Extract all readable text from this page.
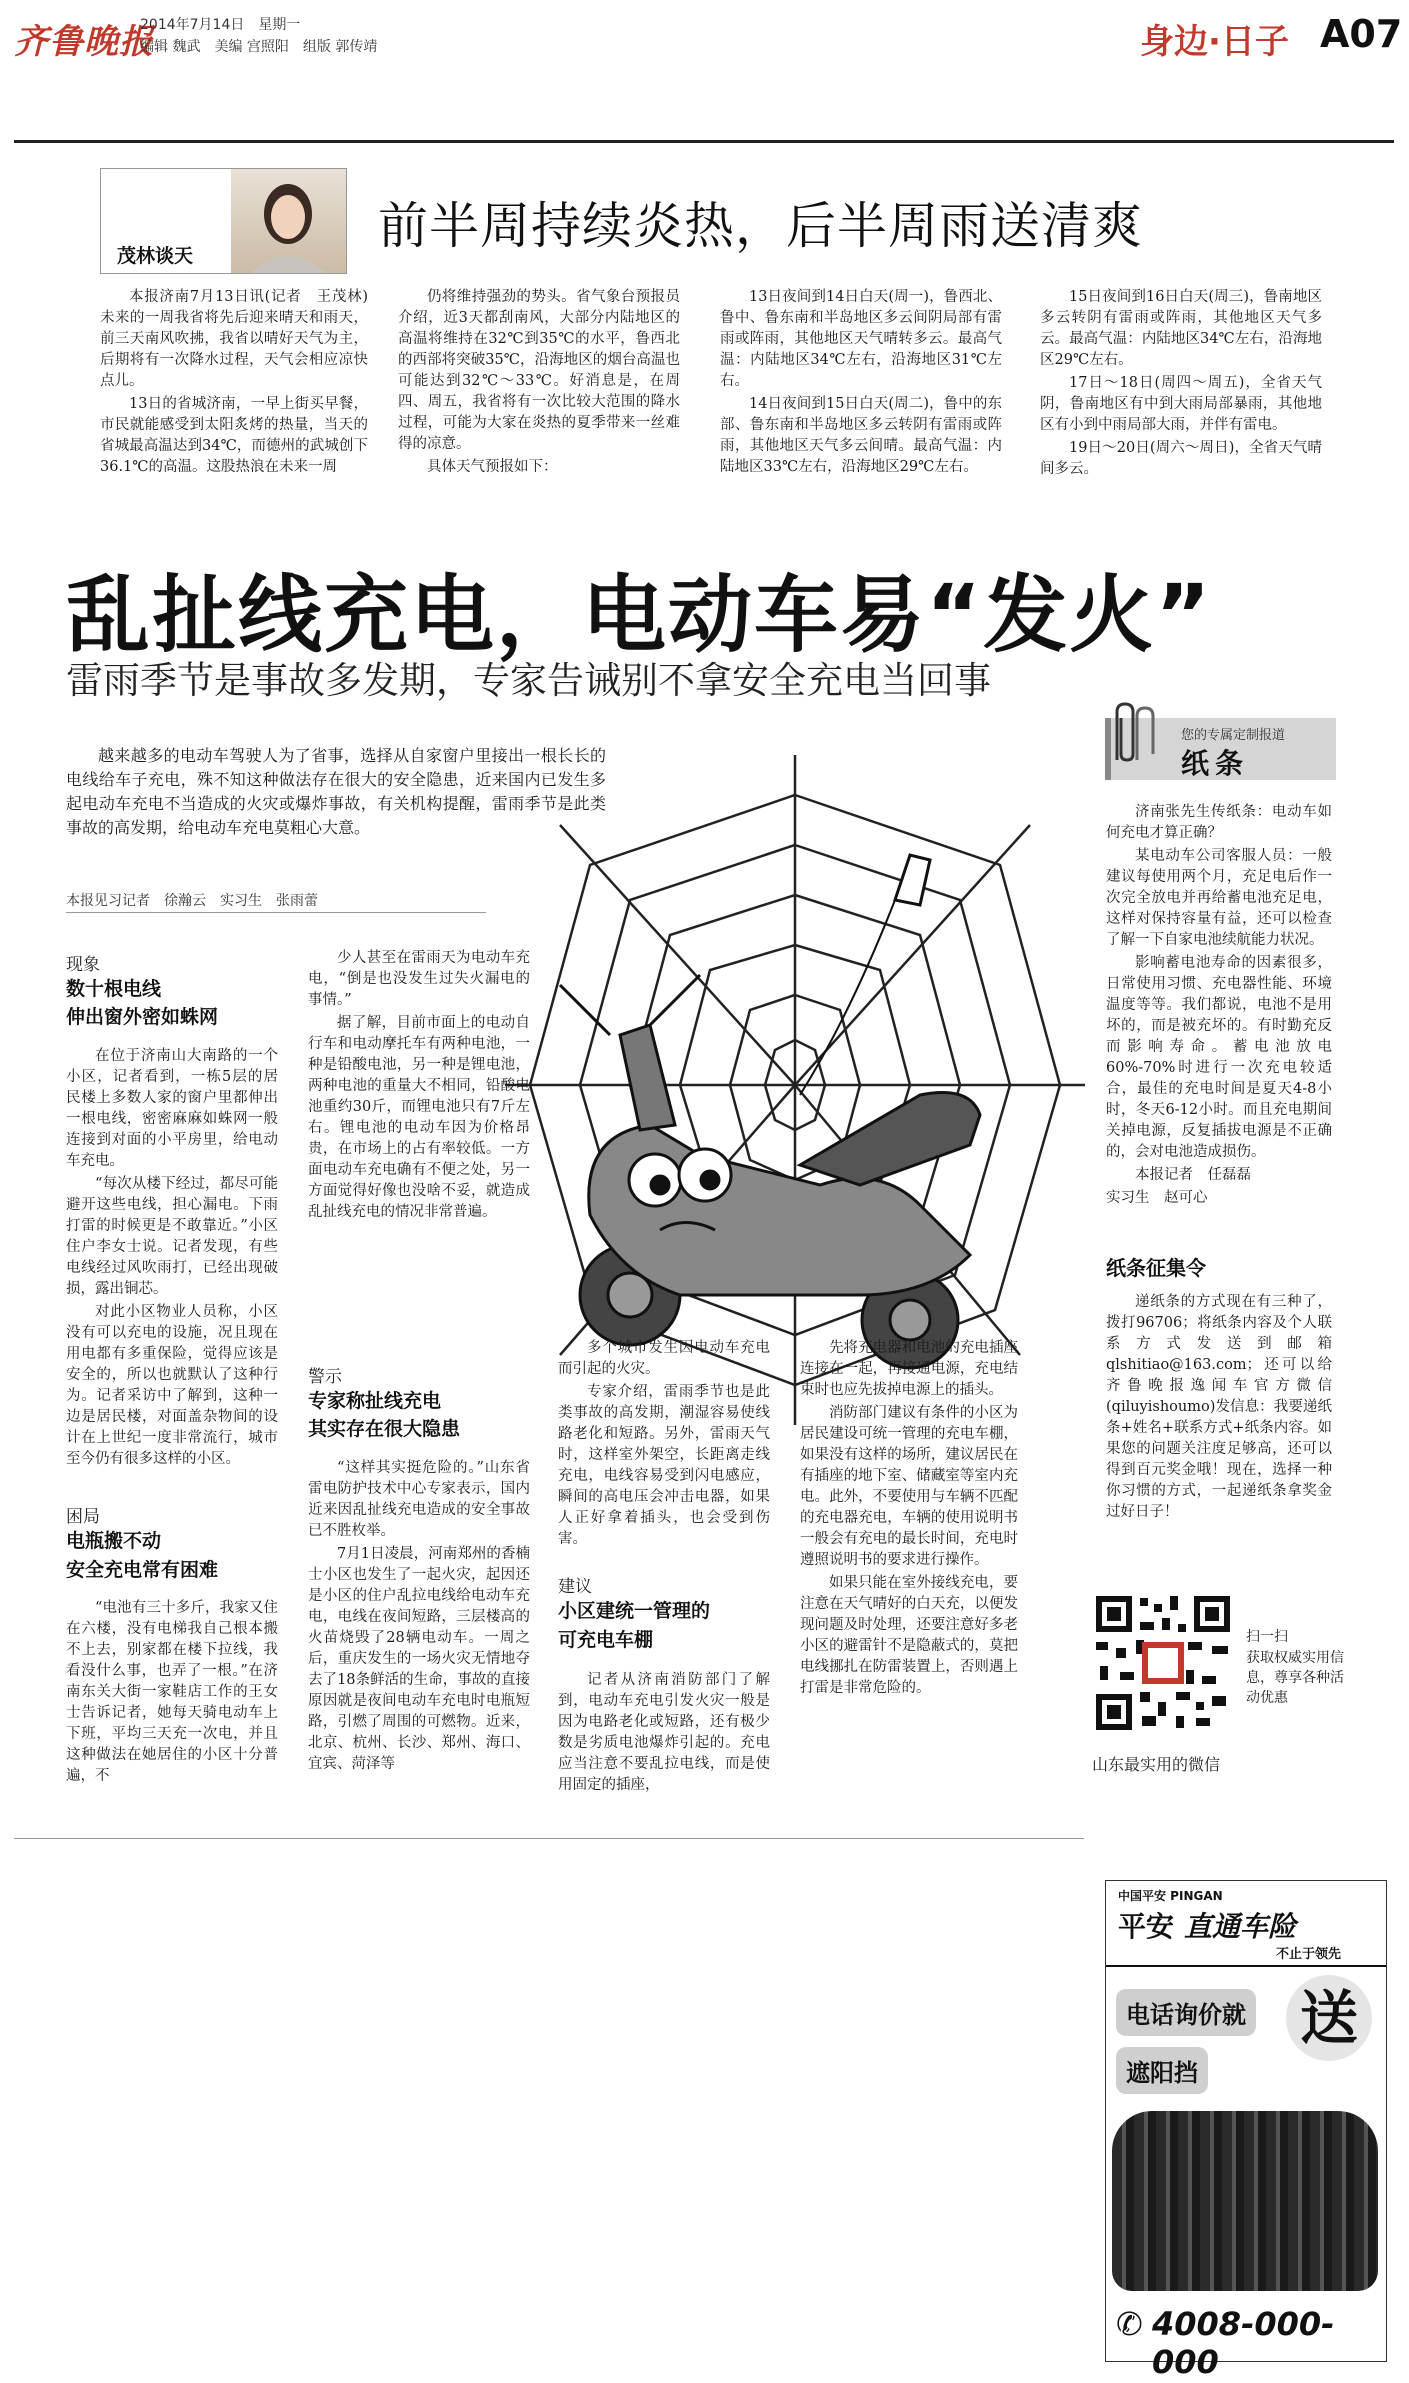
齐鲁晚报
2014年7月14日　星期一
编辑 魏武　美编 宫照阳　组版 郭传靖	身边·日子 A07
茂林谈天
前半周持续炎热，后半周雨送清爽

本报济南7月13日讯(记者　王茂林)　未来的一周我省将先后迎来晴天和雨天，前三天南风吹拂，我省以晴好天气为主，后期将有一次降水过程，天气会相应凉快点儿。

13日的省城济南，一早上街买早餐，市民就能感受到太阳炙烤的热量，当天的省城最高温达到34℃，而德州的武城创下36.1℃的高温。这股热浪在未来一周

仍将维持强劲的势头。省气象台预报员介绍，近3天都刮南风，大部分内陆地区的高温将维持在32℃到35℃的水平，鲁西北的西部将突破35℃，沿海地区的烟台高温也可能达到32℃～33℃。好消息是，在周四、周五，我省将有一次比较大范围的降水过程，可能为大家在炎热的夏季带来一丝难得的凉意。

具体天气预报如下：

13日夜间到14日白天(周一)，鲁西北、鲁中、鲁东南和半岛地区多云间阴局部有雷雨或阵雨，其他地区天气晴转多云。最高气温：内陆地区34℃左右，沿海地区31℃左右。

14日夜间到15日白天(周二)，鲁中的东部、鲁东南和半岛地区多云转阴有雷雨或阵雨，其他地区天气多云间晴。最高气温：内陆地区33℃左右，沿海地区29℃左右。

15日夜间到16日白天(周三)，鲁南地区多云转阴有雷雨或阵雨，其他地区天气多云。最高气温：内陆地区34℃左右，沿海地区29℃左右。

17日～18日(周四～周五)，全省天气阴，鲁南地区有中到大雨局部暴雨，其他地区有小到中雨局部大雨，并伴有雷电。

19日～20日(周六～周日)，全省天气晴间多云。

乱扯线充电，电动车易“发火”
雷雨季节是事故多发期，专家告诫别不拿安全充电当回事

越来越多的电动车驾驶人为了省事，选择从自家窗户里接出一根长长的电线给车子充电，殊不知这种做法存在很大的安全隐患，近来国内已发生多起电动车充电不当造成的火灾或爆炸事故，有关机构提醒，雷雨季节是此类事故的高发期，给电动车充电莫粗心大意。

本报见习记者　徐瀚云　实习生　张雨蕾
现象
数十根电线
伸出窗外密如蛛网

在位于济南山大南路的一个小区，记者看到，一栋5层的居民楼上多数人家的窗户里都伸出一根电线，密密麻麻如蛛网一般连接到对面的小平房里，给电动车充电。

“每次从楼下经过，都尽可能避开这些电线，担心漏电。下雨打雷的时候更是不敢靠近。”小区住户李女士说。记者发现，有些电线经过风吹雨打，已经出现破损，露出铜芯。

对此小区物业人员称，小区没有可以充电的设施，况且现在用电都有多重保险，觉得应该是安全的，所以也就默认了这种行为。记者采访中了解到，这种一边是居民楼，对面盖杂物间的设计在上世纪一度非常流行，城市至今仍有很多这样的小区。

困局
电瓶搬不动
安全充电常有困难

“电池有三十多斤，我家又住在六楼，没有电梯我自己根本搬不上去，别家都在楼下拉线，我看没什么事，也弄了一根。”在济南东关大街一家鞋店工作的王女士告诉记者，她每天骑电动车上下班，平均三天充一次电，并且这种做法在她居住的小区十分普遍，不

少人甚至在雷雨天为电动车充电，“倒是也没发生过失火漏电的事情。”

据了解，目前市面上的电动自行车和电动摩托车有两种电池，一种是铅酸电池，另一种是锂电池，两种电池的重量大不相同，铅酸电池重约30斤，而锂电池只有7斤左右。锂电池的电动车因为价格昂贵，在市场上的占有率较低。一方面电动车充电确有不便之处，另一方面觉得好像也没啥不妥，就造成乱扯线充电的情况非常普遍。

警示
专家称扯线充电
其实存在很大隐患

“这样其实挺危险的。”山东省雷电防护技术中心专家表示，国内近来因乱扯线充电造成的安全事故已不胜枚举。

7月1日凌晨，河南郑州的香楠士小区也发生了一起火灾，起因还是小区的住户乱拉电线给电动车充电，电线在夜间短路，三层楼高的火苗烧毁了28辆电动车。一周之后，重庆发生的一场火灾无情地夺去了18条鲜活的生命，事故的直接原因就是夜间电动车充电时电瓶短路，引燃了周围的可燃物。近来，北京、杭州、长沙、郑州、海口、宜宾、菏泽等

多个城市发生因电动车充电而引起的火灾。

专家介绍，雷雨季节也是此类事故的高发期，潮湿容易使线路老化和短路。另外，雷雨天气时，这样室外架空，长距离走线充电，电线容易受到闪电感应，瞬间的高电压会冲击电器，如果人正好拿着插头，也会受到伤害。

建议
小区建统一管理的
可充电车棚

记者从济南消防部门了解到，电动车充电引发火灾一般是因为电路老化或短路，还有极少数是劣质电池爆炸引起的。充电应当注意不要乱拉电线，而是使用固定的插座，

先将充电器和电池的充电插座连接在一起，再接通电源，充电结束时也应先拔掉电源上的插头。

消防部门建议有条件的小区为居民建设可统一管理的充电车棚，如果没有这样的场所，建议居民在有插座的地下室、储藏室等室内充电。此外，不要使用与车辆不匹配的充电器充电，车辆的使用说明书一般会有充电的最长时间，充电时遵照说明书的要求进行操作。

如果只能在室外接线充电，要注意在天气晴好的白天充，以便发现问题及时处理，还要注意好多老小区的避雷针不是隐蔽式的，莫把电线挪扎在防雷装置上，否则遇上打雷是非常危险的。

您的专属定制报道
纸条

济南张先生传纸条：电动车如何充电才算正确？

某电动车公司客服人员：一般建议每使用两个月，充足电后作一次完全放电并再给蓄电池充足电，这样对保持容量有益，还可以检查了解一下自家电池续航能力状况。

影响蓄电池寿命的因素很多，日常使用习惯、充电器性能、环境温度等等。我们都说，电池不是用坏的，而是被充坏的。有时勤充反而影响寿命。蓄电池放电60%-70%时进行一次充电较适合，最佳的充电时间是夏天4-8小时，冬天6-12小时。而且充电期间关掉电源，反复插拔电源是不正确的，会对电池造成损伤。

本报记者　任磊磊

实习生　赵可心

纸条征集令

递纸条的方式现在有三种了，拨打96706；将纸条内容及个人联系方式发送到邮箱qlshitiao@163.com；还可以给齐鲁晚报逸闻车官方微信(qiluyishoumo)发信息：我要递纸条+姓名+联系方式+纸条内容。如果您的问题关注度足够高，还可以得到百元奖金哦！现在，选择一种你习惯的方式，一起递纸条拿奖金过好日子！

扫一扫
获取权威实用信息，尊享各种活动优惠
山东最实用的微信
中国平安 PINGAN
平安 直通车险
不止于领先
电话询价就 送
遮阳挡
✆ 4008-000-000
